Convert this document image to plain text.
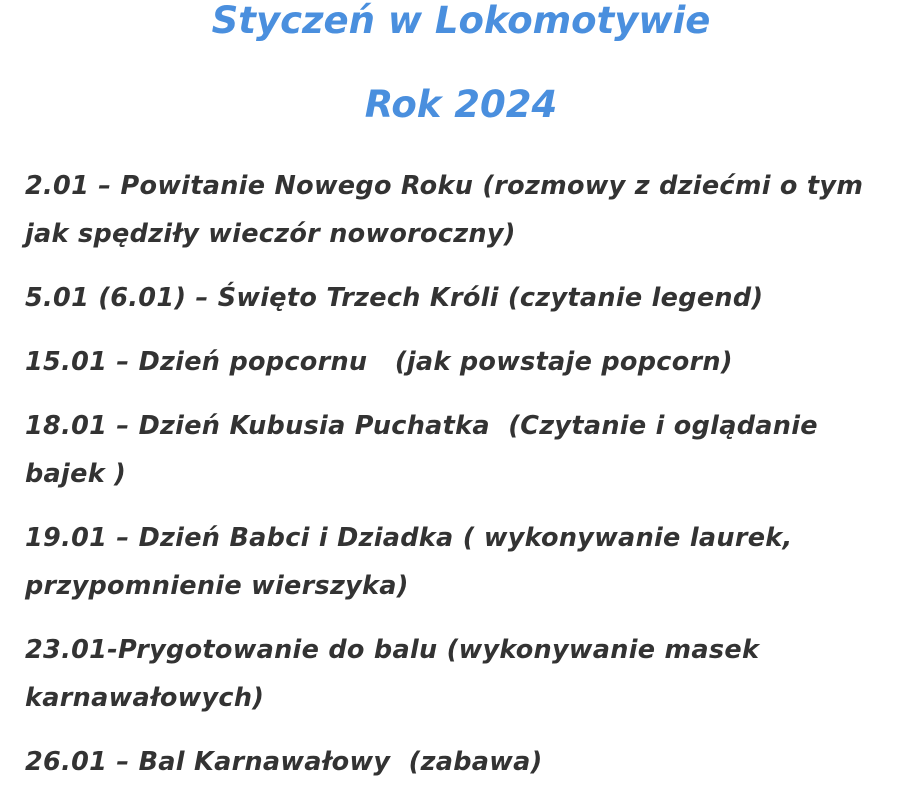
Styczeń w Lokomotywie
Rok 2024
2.01 – Powitanie Nowego Roku (rozmowy z dziećmi o tym jak spędziły wieczór noworoczny)
5.01 (6.01) – Święto Trzech Króli (czytanie legend)
15.01 – Dzień popcornu   (jak powstaje popcorn)
18.01 – Dzień Kubusia Puchatka  (Czytanie i oglądanie bajek )
19.01 – Dzień Babci i Dziadka ( wykonywanie laurek, przypomnienie wierszyka)
23.01-Prygotowanie do balu (wykonywanie masek karnawałowych)
26.01 – Bal Karnawałowy  (zabawa)
